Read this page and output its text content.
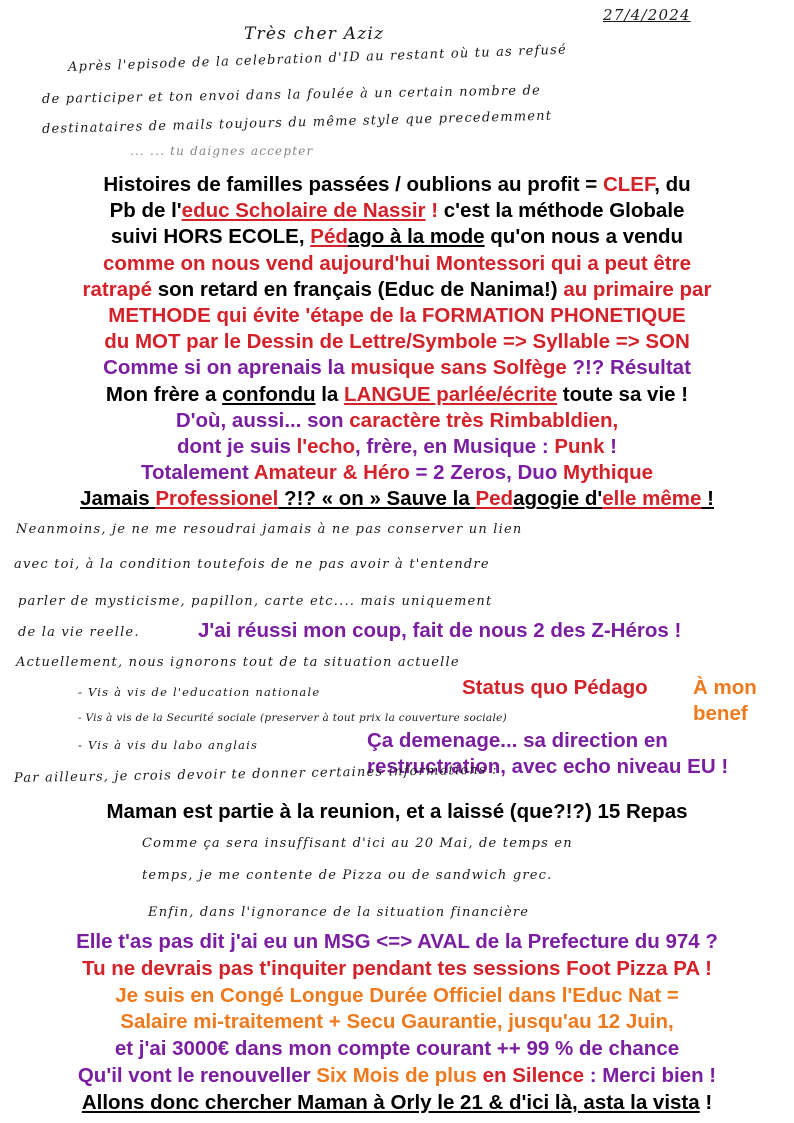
27/4/2024
Très cher Aziz
Après l'episode de la celebration d'ID au restant où tu as refusé
de participer et ton envoi dans la foulée à un certain nombre de
destinataires de mails toujours du même style que precedemment
... ... tu daignes accepter
Histoires de familles passées / oublions au profit = CLEF, du
Pb de l'educ Scholaire de Nassir ! c'est la méthode Globale
suivi HORS ECOLE, Pédago à la mode qu'on nous a vendu
comme on nous vend aujourd'hui Montessori qui a peut être
ratrapé son retard en français (Educ de Nanima!) au primaire par
METHODE qui évite 'étape de la FORMATION PHONETIQUE
du MOT par le Dessin de Lettre/Symbole => Syllable => SON
Comme si on aprenais la musique sans Solfège ?!? Résultat
Mon frère a confondu la LANGUE parlée/écrite toute sa vie !
D'où, aussi... son caractère très Rimbabldien,
dont je suis l'echo, frère, en Musique : Punk !
Totalement Amateur & Héro = 2 Zeros, Duo Mythique
Jamais Professionel ?!? « on » Sauve la Pedagogie d'elle même !
Neanmoins, je ne me resoudrai jamais à ne pas conserver un lien
avec toi, à la condition toutefois de ne pas avoir à t'entendre
parler de mysticisme, papillon, carte etc.... mais uniquement
de la vie reelle.	J'ai réussi mon coup, fait de nous 2 des Z-Héros !
Actuellement, nous ignorons tout de ta situation actuelle
- Vis à vis de l'education nationale
- Vis à vis de la Securité sociale (preserver à tout prix la couverture sociale)
- Vis à vis du labo anglais
Status quo Pédago À mon
benef
Ça demenage... sa direction en
restructration, avec echo niveau EU !
Par ailleurs, je crois devoir te donner certaines informations :
Maman est partie à la reunion, et a laissé (que?!?) 15 Repas
Comme ça sera insuffisant d'ici au 20 Mai, de temps en
temps, je me contente de Pizza ou de sandwich grec.
Enfin, dans l'ignorance de la situation financière
Elle t'as pas dit j'ai eu un MSG <=> AVAL de la Prefecture du 974 ?
Tu ne devrais pas t'inquiter pendant tes sessions Foot Pizza PA !
Je suis en Congé Longue Durée Officiel dans l'Educ Nat =
Salaire mi-traitement + Secu Gaurantie, jusqu'au 12 Juin,
et j'ai 3000€ dans mon compte courant ++ 99 % de chance
Qu'il vont le renouveller Six Mois de plus en Silence : Merci bien !
Allons donc chercher Maman à Orly le 21 & d'ici là, asta la vista !
